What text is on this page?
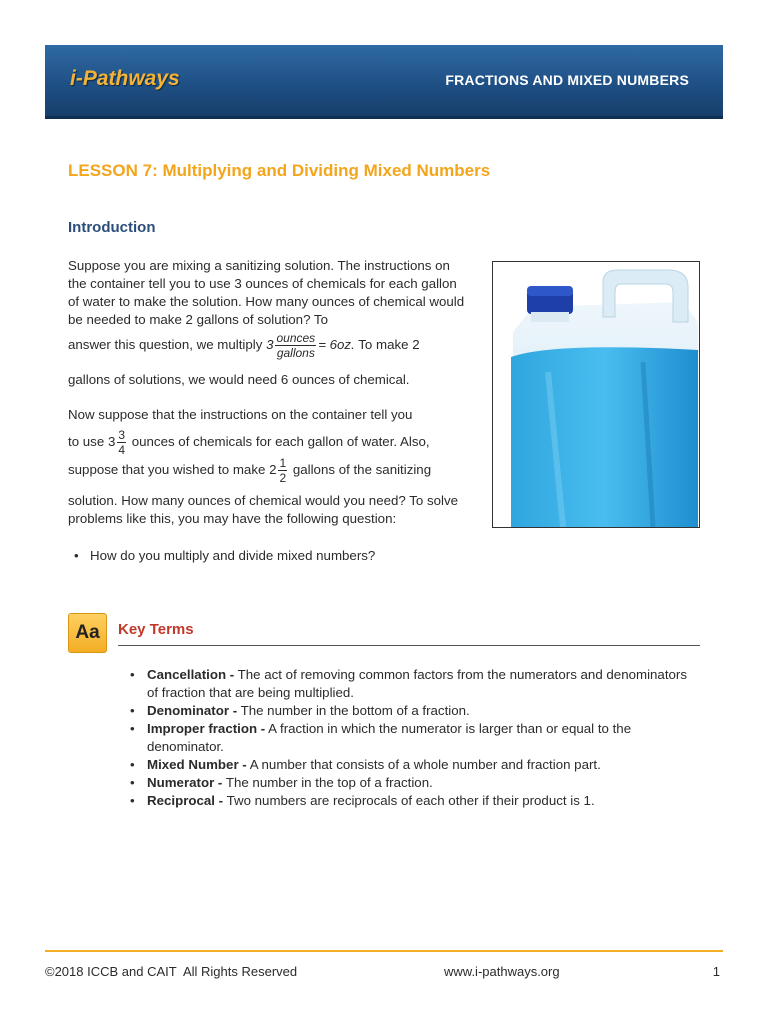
i-Pathways	FRACTIONS AND MIXED NUMBERS
LESSON 7: Multiplying and Dividing Mixed Numbers
Introduction

Suppose you are mixing a sanitizing solution. The instructions on the container tell you to use 3 ounces of chemicals for each gallon of water to make the solution. How many ounces of chemical would be needed to make 2 gallons of solution? To

answer this question, we multiply $3 \frac{\text{ounces}}{\text{gallons}} = 6oz$. To make 2

gallons of solutions, we would need 6 ounces of chemical.

Now suppose that the instructions on the container tell you

to use $3 \frac{3}{4}$ ounces of chemicals for each gallon of water. Also,

suppose that you wished to make $2 \frac{1}{2}$ gallons of the sanitizing

solution. How many ounces of chemical would you need? To solve problems like this, you may have the following question:

• How do you multiply and divide mixed numbers?
Aa	Key Terms
• Cancellation - The act of removing common factors from the numerators and denominators of fraction that are being multiplied.
• Denominator - The number in the bottom of a fraction.
• Improper fraction - A fraction in which the numerator is larger than or equal to the denominator.
• Mixed Number - A number that consists of a whole number and fraction part.
• Numerator - The number in the top of a fraction.
• Reciprocal - Two numbers are reciprocals of each other if their product is 1.
©2018 ICCB and CAIT  All Rights Reserved	www.i-pathways.org	1
